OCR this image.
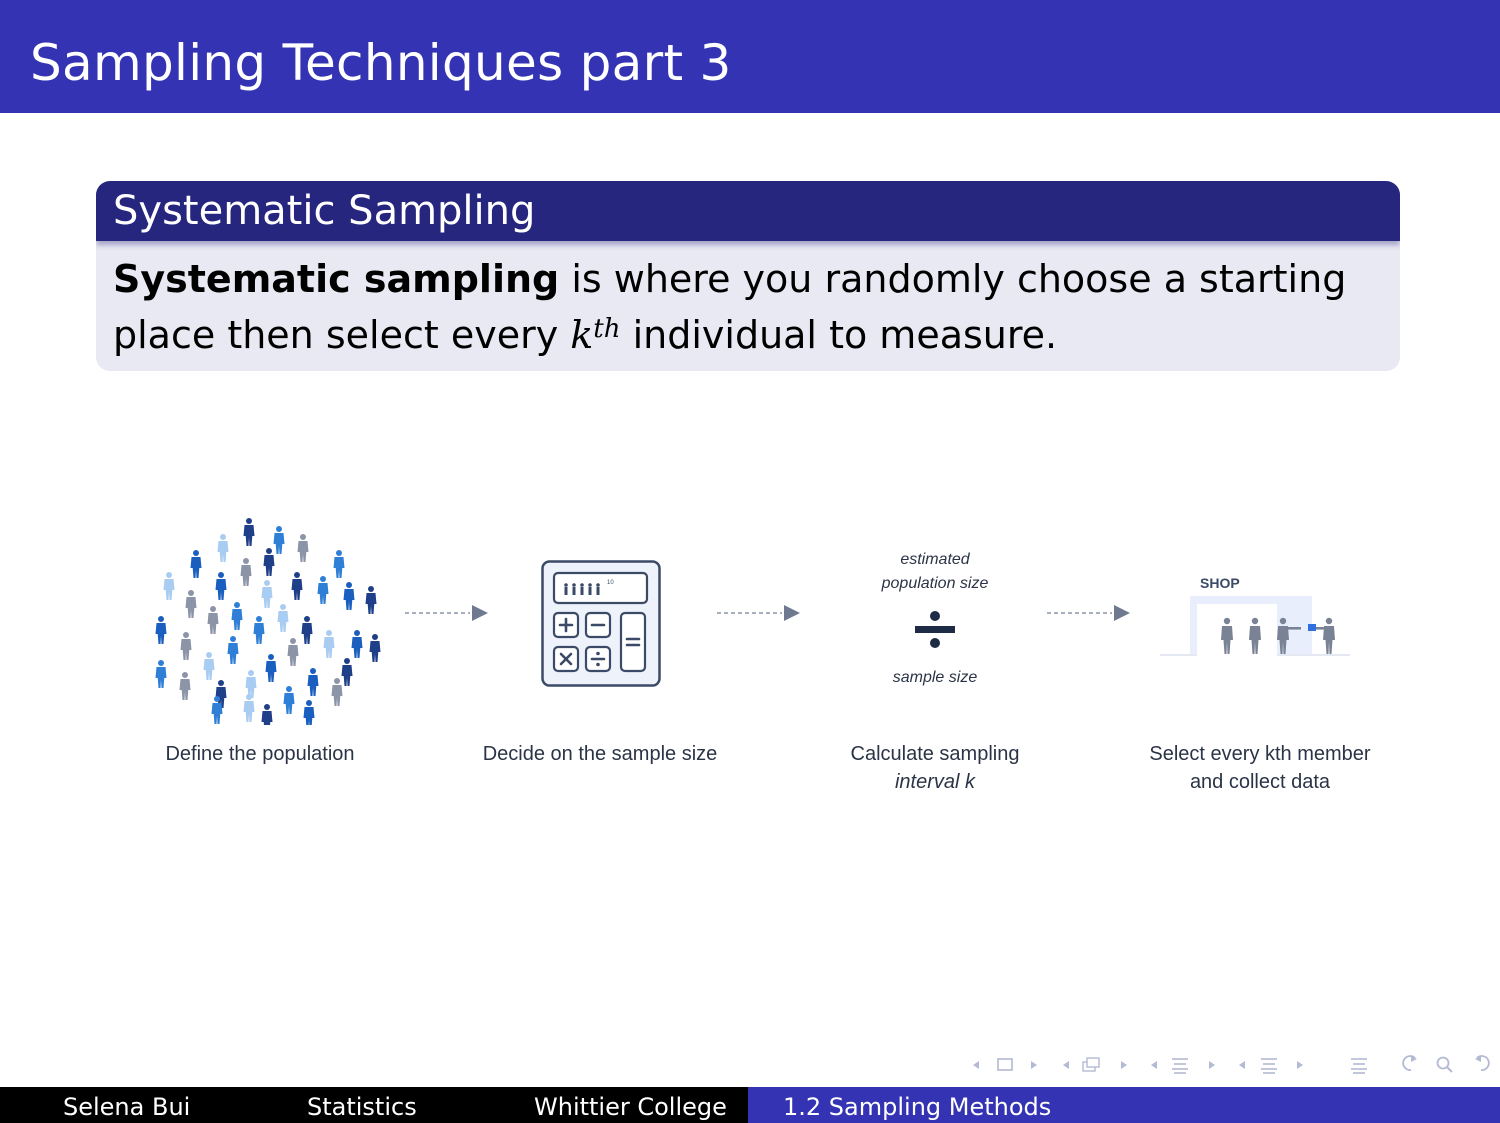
Sampling Techniques part 3
Systematic Sampling
Systematic sampling is where you randomly choose a starting place then select every $k^{th}$ individual to measure.
Define the population
10
Decide on the sample size
estimated
population size
sample size
Calculate sampling
interval k
SHOP
Select every kth member
and collect data
Selena Bui	Statistics	Whittier College 1.2 Sampling Methods
